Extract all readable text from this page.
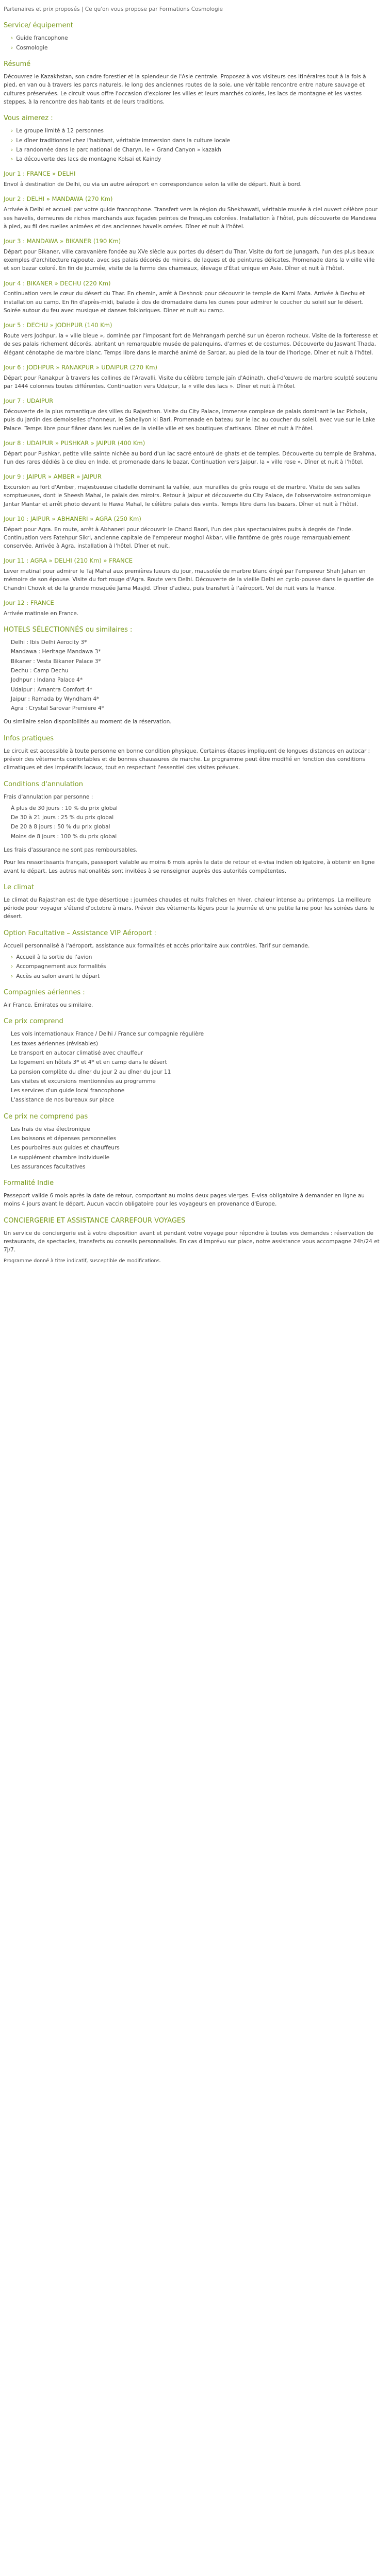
Partenaires et prix proposés | Ce qu'on vous propose par Formations Cosmologie
Service/ équipement
› Guide francophone
› Cosmologie
Résumé

Découvrez le Kazakhstan, son cadre forestier et la splendeur de l'Asie centrale. Proposez à vos visiteurs ces itinéraires tout à la fois à pied, en van ou à travers les parcs naturels, le long des anciennes routes de la soie, une véritable rencontre entre nature sauvage et cultures préservées. Le circuit vous offre l'occasion d'explorer les villes et leurs marchés colorés, les lacs de montagne et les vastes steppes, à la rencontre des habitants et de leurs traditions.

Vous aimerez :
› Le groupe limité à 12 personnes
› Le dîner traditionnel chez l'habitant, véritable immersion dans la culture locale
› La randonnée dans le parc national de Charyn, le « Grand Canyon » kazakh
› La découverte des lacs de montagne Kolsai et Kaindy
Jour 1 : FRANCE » DELHI

Envol à destination de Delhi, ou via un autre aéroport en correspondance selon la ville de départ. Nuit à bord.

Jour 2 : DELHI » MANDAWA (270 Km)

Arrivée à Delhi et accueil par votre guide francophone. Transfert vers la région du Shekhawati, véritable musée à ciel ouvert célèbre pour ses havelis, demeures de riches marchands aux façades peintes de fresques colorées. Installation à l'hôtel, puis découverte de Mandawa à pied, au fil des ruelles animées et des anciennes havelis ornées. Dîner et nuit à l'hôtel.

Jour 3 : MANDAWA » BIKANER (190 Km)

Départ pour Bikaner, ville caravanière fondée au XVe siècle aux portes du désert du Thar. Visite du fort de Junagarh, l'un des plus beaux exemples d'architecture rajpoute, avec ses palais décorés de miroirs, de laques et de peintures délicates. Promenade dans la vieille ville et son bazar coloré. En fin de journée, visite de la ferme des chameaux, élevage d'État unique en Asie. Dîner et nuit à l'hôtel.

Jour 4 : BIKANER » DECHU (220 Km)

Continuation vers le cœur du désert du Thar. En chemin, arrêt à Deshnok pour découvrir le temple de Karni Mata. Arrivée à Dechu et installation au camp. En fin d'après-midi, balade à dos de dromadaire dans les dunes pour admirer le coucher du soleil sur le désert. Soirée autour du feu avec musique et danses folkloriques. Dîner et nuit au camp.

Jour 5 : DECHU » JODHPUR (140 Km)

Route vers Jodhpur, la « ville bleue », dominée par l'imposant fort de Mehrangarh perché sur un éperon rocheux. Visite de la forteresse et de ses palais richement décorés, abritant un remarquable musée de palanquins, d'armes et de costumes. Découverte du Jaswant Thada, élégant cénotaphe de marbre blanc. Temps libre dans le marché animé de Sardar, au pied de la tour de l'horloge. Dîner et nuit à l'hôtel.

Jour 6 : JODHPUR » RANAKPUR » UDAIPUR (270 Km)

Départ pour Ranakpur à travers les collines de l'Aravalli. Visite du célèbre temple jaïn d'Adinath, chef-d'œuvre de marbre sculpté soutenu par 1444 colonnes toutes différentes. Continuation vers Udaipur, la « ville des lacs ». Dîner et nuit à l'hôtel.

Jour 7 : UDAIPUR

Découverte de la plus romantique des villes du Rajasthan. Visite du City Palace, immense complexe de palais dominant le lac Pichola, puis du jardin des demoiselles d'honneur, le Saheliyon ki Bari. Promenade en bateau sur le lac au coucher du soleil, avec vue sur le Lake Palace. Temps libre pour flâner dans les ruelles de la vieille ville et ses boutiques d'artisans. Dîner et nuit à l'hôtel.

Jour 8 : UDAIPUR » PUSHKAR » JAIPUR (400 Km)

Départ pour Pushkar, petite ville sainte nichée au bord d'un lac sacré entouré de ghats et de temples. Découverte du temple de Brahma, l'un des rares dédiés à ce dieu en Inde, et promenade dans le bazar. Continuation vers Jaipur, la « ville rose ». Dîner et nuit à l'hôtel.

Jour 9 : JAIPUR » AMBER » JAIPUR

Excursion au fort d'Amber, majestueuse citadelle dominant la vallée, aux murailles de grès rouge et de marbre. Visite de ses salles somptueuses, dont le Sheesh Mahal, le palais des miroirs. Retour à Jaipur et découverte du City Palace, de l'observatoire astronomique Jantar Mantar et arrêt photo devant le Hawa Mahal, le célèbre palais des vents. Temps libre dans les bazars. Dîner et nuit à l'hôtel.

Jour 10 : JAIPUR » ABHANERI » AGRA (250 Km)

Départ pour Agra. En route, arrêt à Abhaneri pour découvrir le Chand Baori, l'un des plus spectaculaires puits à degrés de l'Inde. Continuation vers Fatehpur Sikri, ancienne capitale de l'empereur moghol Akbar, ville fantôme de grès rouge remarquablement conservée. Arrivée à Agra, installation à l'hôtel. Dîner et nuit.

Jour 11 : AGRA » DELHI (210 Km) » FRANCE

Lever matinal pour admirer le Taj Mahal aux premières lueurs du jour, mausolée de marbre blanc érigé par l'empereur Shah Jahan en mémoire de son épouse. Visite du fort rouge d'Agra. Route vers Delhi. Découverte de la vieille Delhi en cyclo-pousse dans le quartier de Chandni Chowk et de la grande mosquée Jama Masjid. Dîner d'adieu, puis transfert à l'aéroport. Vol de nuit vers la France.

Jour 12 : FRANCE

Arrivée matinale en France.

HOTELS SÉLECTIONNÉS ou similaires :
Delhi : Ibis Delhi Aerocity 3*
Mandawa : Heritage Mandawa 3*
Bikaner : Vesta Bikaner Palace 3*
Dechu : Camp Dechu
Jodhpur : Indana Palace 4*
Udaipur : Amantra Comfort 4*
Jaipur : Ramada by Wyndham 4*
Agra : Crystal Sarovar Premiere 4*

Ou similaire selon disponibilités au moment de la réservation.

Infos pratiques

Le circuit est accessible à toute personne en bonne condition physique. Certaines étapes impliquent de longues distances en autocar ; prévoir des vêtements confortables et de bonnes chaussures de marche. Le programme peut être modifié en fonction des conditions climatiques et des impératifs locaux, tout en respectant l'essentiel des visites prévues.

Conditions d'annulation

Frais d'annulation par personne :

À plus de 30 jours : 10 % du prix global
De 30 à 21 jours : 25 % du prix global
De 20 à 8 jours : 50 % du prix global
Moins de 8 jours : 100 % du prix global

Les frais d'assurance ne sont pas remboursables.

Pour les ressortissants français, passeport valable au moins 6 mois après la date de retour et e-visa indien obligatoire, à obtenir en ligne avant le départ. Les autres nationalités sont invitées à se renseigner auprès des autorités compétentes.

Le climat

Le climat du Rajasthan est de type désertique : journées chaudes et nuits fraîches en hiver, chaleur intense au printemps. La meilleure période pour voyager s'étend d'octobre à mars. Prévoir des vêtements légers pour la journée et une petite laine pour les soirées dans le désert.

Option Facultative – Assistance VIP Aéroport :

Accueil personnalisé à l'aéroport, assistance aux formalités et accès prioritaire aux contrôles. Tarif sur demande.

› Accueil à la sortie de l'avion
› Accompagnement aux formalités
› Accès au salon avant le départ
Compagnies aériennes :

Air France, Emirates ou similaire.

Ce prix comprend
Les vols internationaux France / Delhi / France sur compagnie régulière
Les taxes aériennes (révisables)
Le transport en autocar climatisé avec chauffeur
Le logement en hôtels 3* et 4* et en camp dans le désert
La pension complète du dîner du jour 2 au dîner du jour 11
Les visites et excursions mentionnées au programme
Les services d'un guide local francophone
L'assistance de nos bureaux sur place
Ce prix ne comprend pas
Les frais de visa électronique
Les boissons et dépenses personnelles
Les pourboires aux guides et chauffeurs
Le supplément chambre individuelle
Les assurances facultatives
Formalité Indie

Passeport valide 6 mois après la date de retour, comportant au moins deux pages vierges. E-visa obligatoire à demander en ligne au moins 4 jours avant le départ. Aucun vaccin obligatoire pour les voyageurs en provenance d'Europe.

CONCIERGERIE ET ASSISTANCE CARREFOUR VOYAGES

Un service de conciergerie est à votre disposition avant et pendant votre voyage pour répondre à toutes vos demandes : réservation de restaurants, de spectacles, transferts ou conseils personnalisés. En cas d'imprévu sur place, notre assistance vous accompagne 24h/24 et 7j/7.

Programme donné à titre indicatif, susceptible de modifications.
